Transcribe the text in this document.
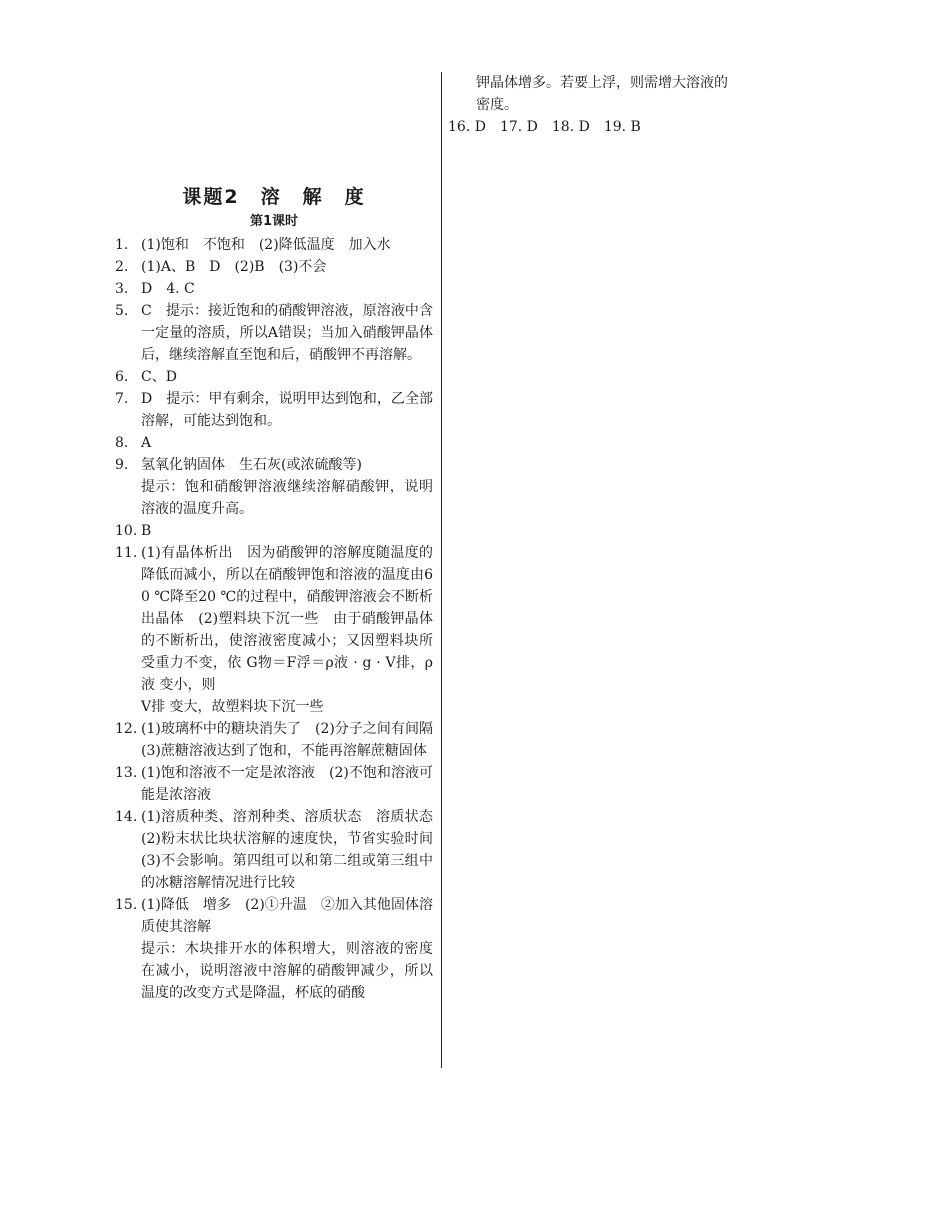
钾晶体增多。若要上浮，则需增大溶液的
密度。
16. D　17. D　18. D　19. B
课题2　溶　解　度
第1课时
1. (1)饱和　不饱和　(2)降低温度　加入水
2. (1)A、B　D　(2)B　(3)不会
3. D　4. C
5. C　提示：接近饱和的硝酸钾溶液，原溶液中含一定量的溶质，所以A错误；当加入硝酸钾晶体后，继续溶解直至饱和后，硝酸钾不再溶解。
6. C、D
7. D　提示：甲有剩余，说明甲达到饱和，乙全部溶解，可能达到饱和。
8. A
9. 氢氧化钠固体　生石灰(或浓硫酸等)
提示：饱和硝酸钾溶液继续溶解硝酸钾，说明溶液的温度升高。
10. B
11. (1)有晶体析出　因为硝酸钾的溶解度随温度的降低而减小，所以在硝酸钾饱和溶液的温度由60 ℃降至20 ℃的过程中，硝酸钾溶液会不断析出晶体　(2)塑料块下沉一些　由于硝酸钾晶体的不断析出，使溶液密度减小；又因塑料块所受重力不变，依 G物＝F浮＝ρ液 · g · V排，ρ液 变小，则
V排 变大，故塑料块下沉一些
12. (1)玻璃杯中的糖块消失了　(2)分子之间有间隔　(3)蔗糖溶液达到了饱和，不能再溶解蔗糖固体
13. (1)饱和溶液不一定是浓溶液　(2)不饱和溶液可能是浓溶液
14. (1)溶质种类、溶剂种类、溶质状态　溶质状态　(2)粉末状比块状溶解的速度快，节省实验时间　(3)不会影响。第四组可以和第二组或第三组中的冰糖溶解情况进行比较
15. (1)降低　增多　(2)①升温　②加入其他固体溶质使其溶解
提示：木块排开水的体积增大，则溶液的密度在减小，说明溶液中溶解的硝酸钾减少，所以温度的改变方式是降温，杯底的硝酸
